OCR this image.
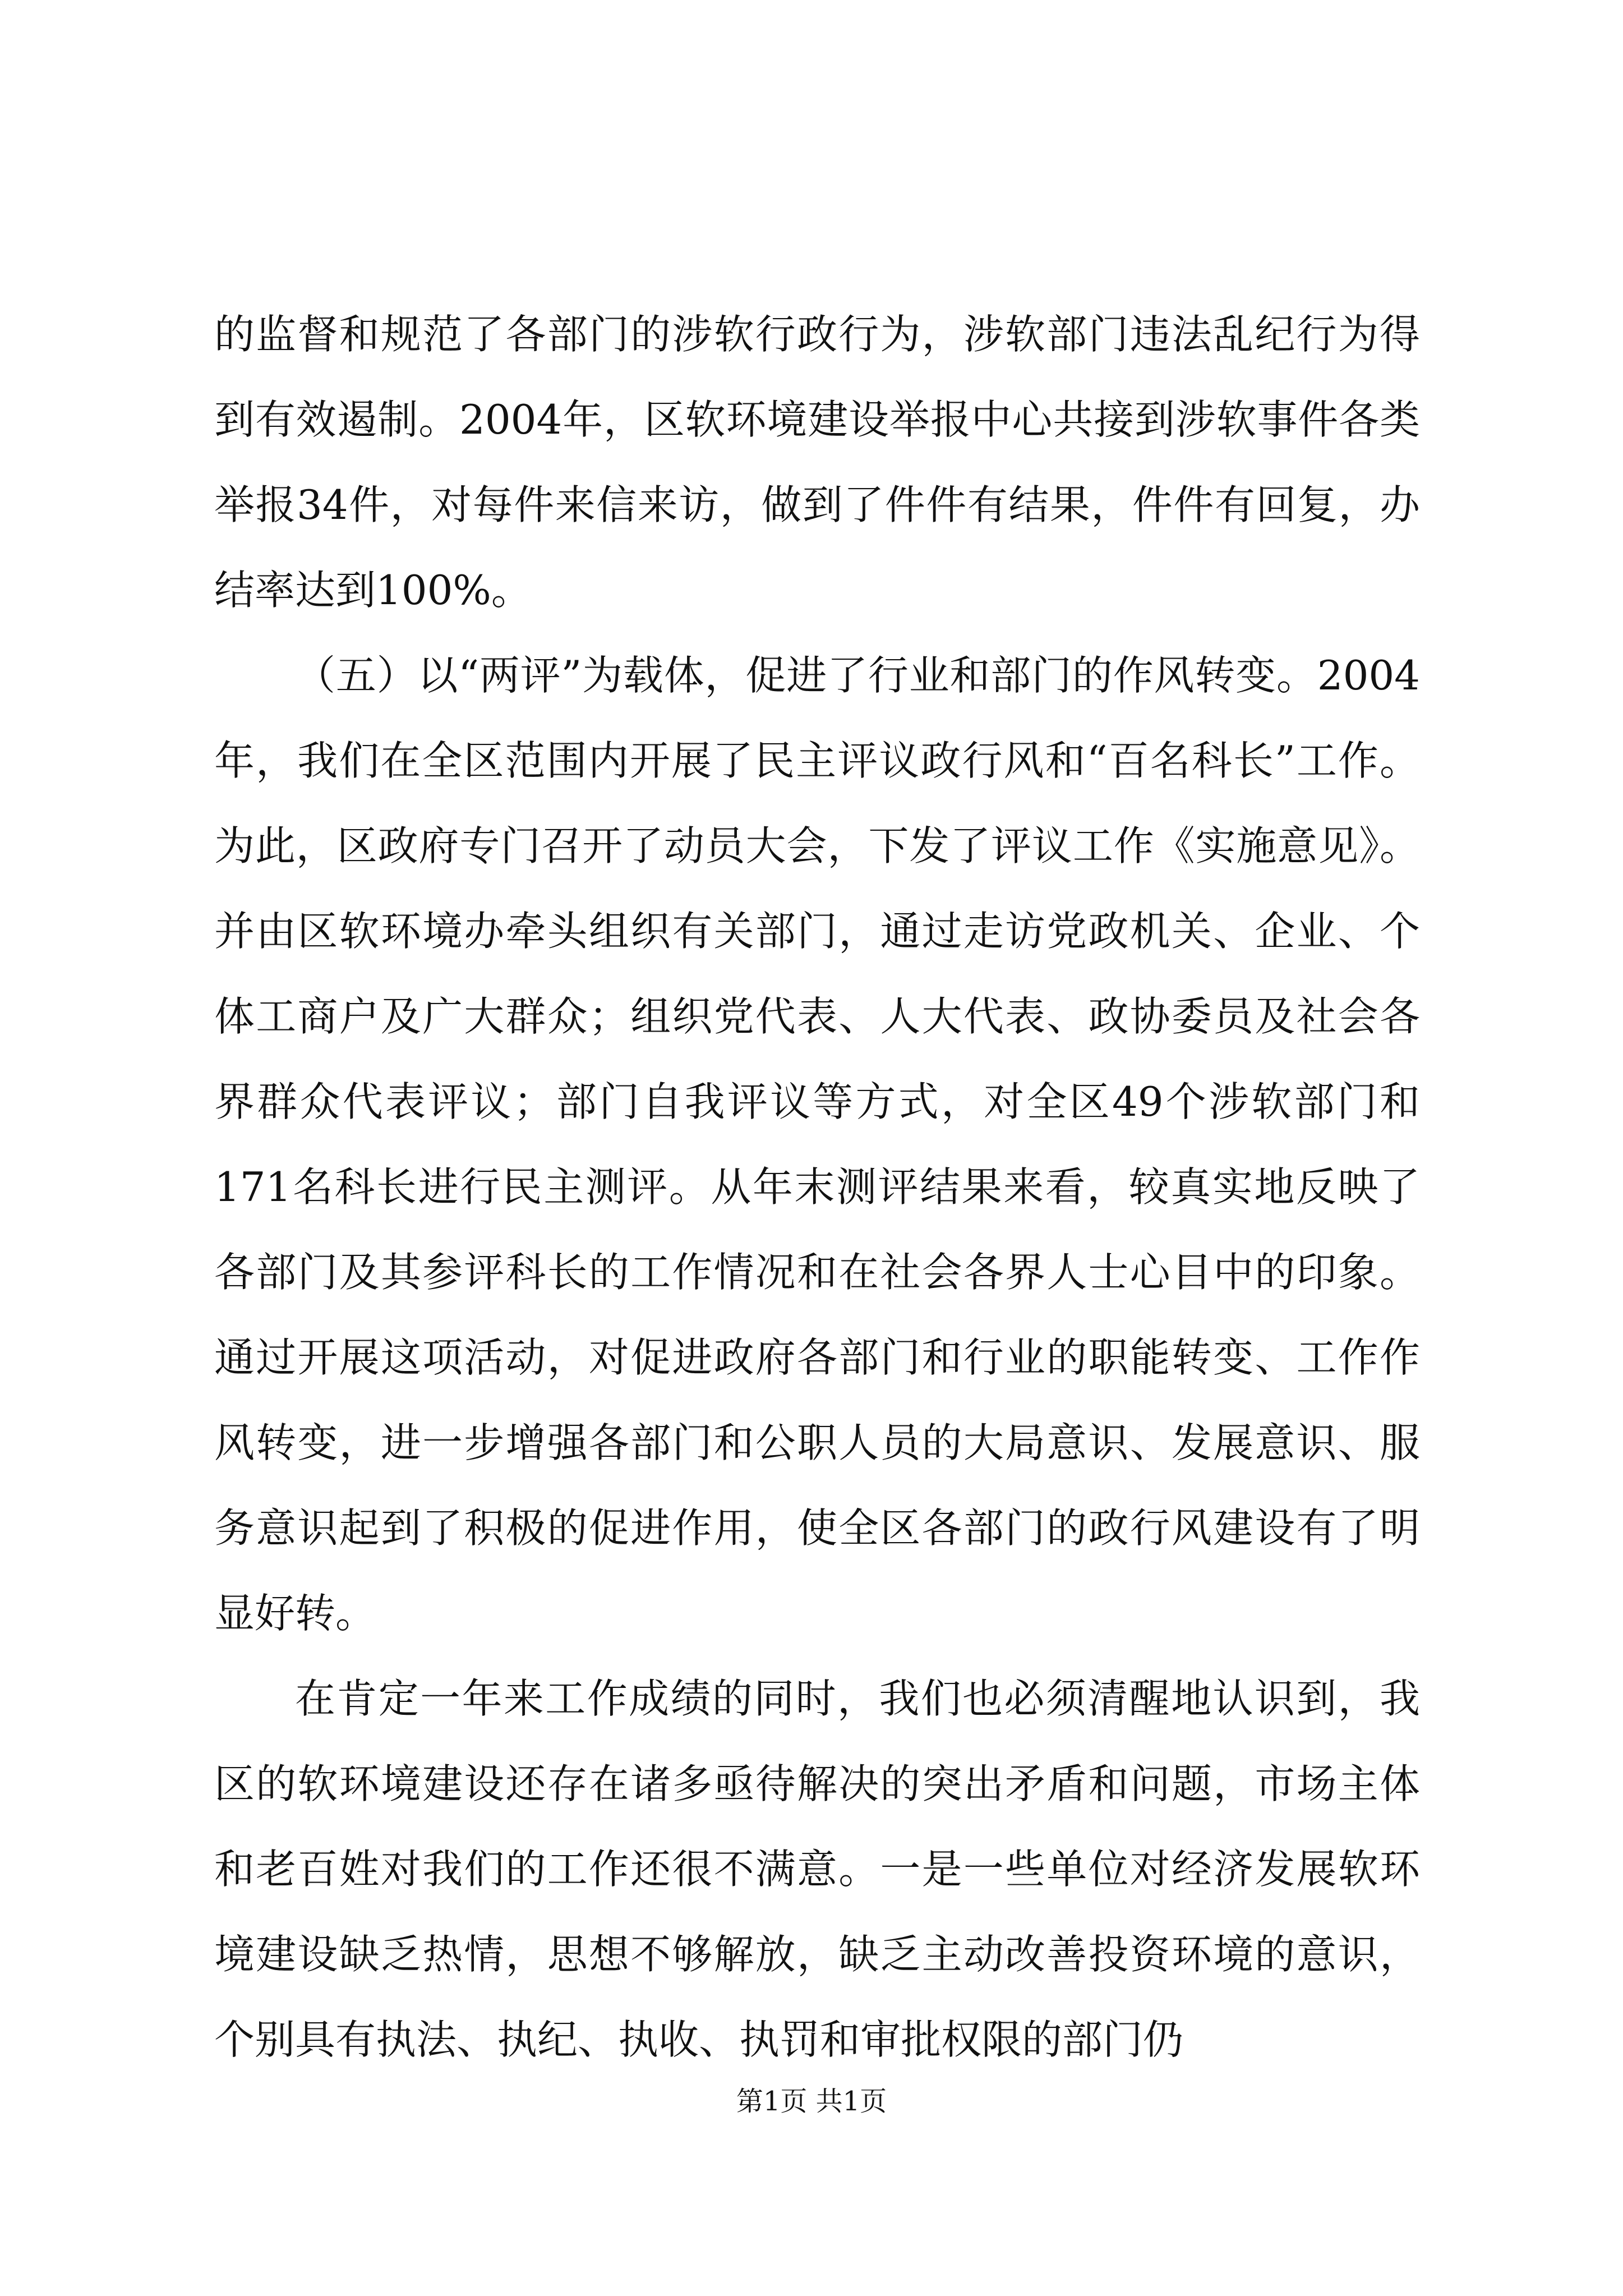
的监督和规范了各部门的涉软行政行为，涉软部门违法乱纪行为得到有效遏制。2004年，区软环境建设举报中心共接到涉软事件各类举报34件，对每件来信来访，做到了件件有结果，件件有回复，办结率达到100%。

（五）以“两评”为载体，促进了行业和部门的作风转变。2004年，我们在全区范围内开展了民主评议政行风和“百名科长”工作。为此，区政府专门召开了动员大会，下发了评议工作《实施意见》。并由区软环境办牵头组织有关部门，通过走访党政机关、企业、个体工商户及广大群众；组织党代表、人大代表、政协委员及社会各界群众代表评议；部门自我评议等方式，对全区49个涉软部门和171名科长进行民主测评。从年末测评结果来看，较真实地反映了各部门及其参评科长的工作情况和在社会各界人士心目中的印象。通过开展这项活动，对促进政府各部门和行业的职能转变、工作作风转变，进一步增强各部门和公职人员的大局意识、发展意识、服务意识起到了积极的促进作用，使全区各部门的政行风建设有了明显好转。

在肯定一年来工作成绩的同时，我们也必须清醒地认识到，我区的软环境建设还存在诸多亟待解决的突出矛盾和问题，市场主体和老百姓对我们的工作还很不满意。一是一些单位对经济发展软环境建设缺乏热情，思想不够解放，缺乏主动改善投资环境的意识，个别具有执法、执纪、执收、执罚和审批权限的部门仍

第1页 共1页
